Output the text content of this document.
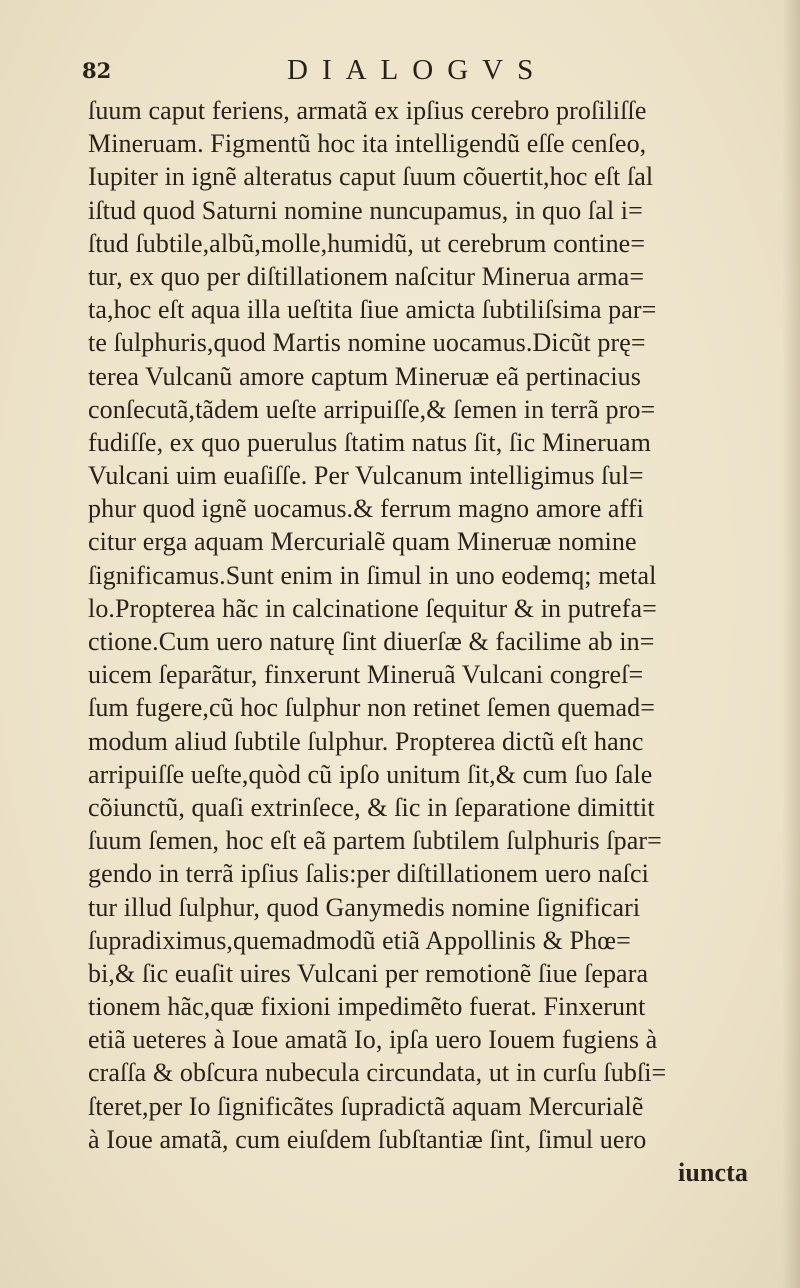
82	DIALOGVS
ſuum caput feriens, armatã ex ipſius cerebro proſiliſſe
Mineruam. Figmentũ hoc ita intelligendũ eſſe cenſeo,
Iupiter in ignẽ alteratus caput ſuum cõuertit,hoc eſt ſal
iſtud quod Saturni nomine nuncupamus, in quo ſal i=
ſtud ſubtile,albũ,molle,humidũ, ut cerebrum contine=
tur, ex quo per diſtillationem naſcitur Minerua arma=
ta,hoc eſt aqua illa ueſtita ſiue amicta ſubtiliſsima par=
te ſulphuris,quod Martis nomine uocamus.Dicũt prę=
terea Vulcanũ amore captum Mineruæ eã pertinacius
conſecutã,tãdem ueſte arripuiſſe,& ſemen in terrã pro=
fudiſſe, ex quo puerulus ſtatim natus ſit, ſic Mineruam
Vulcani uim euaſiſſe. Per Vulcanum intelligimus ſul=
phur quod ignẽ uocamus.& ferrum magno amore affi
citur erga aquam Mercurialẽ quam Mineruæ nomine
ſignificamus.Sunt enim in ſimul in uno eodemq; metal
lo.Propterea hãc in calcinatione ſequitur & in putrefa=
ctione.Cum uero naturę ſint diuerſæ & facilime ab in=
uicem ſeparãtur, finxerunt Mineruã Vulcani congreſ=
ſum fugere,cũ hoc ſulphur non retinet ſemen quemad=
modum aliud ſubtile ſulphur. Propterea dictũ eſt hanc
arripuiſſe ueſte,quòd cũ ipſo unitum ſit,& cum ſuo ſale
cõiunctũ, quaſi extrinſece, & ſic in ſeparatione dimittit
ſuum ſemen, hoc eſt eã partem ſubtilem ſulphuris ſpar=
gendo in terrã ipſius ſalis:per diſtillationem uero naſci
tur illud ſulphur, quod Ganymedis nomine ſignificari
ſupradiximus,quemadmodũ etiã Appollinis & Phœ=
bi,& ſic euaſit uires Vulcani per remotionẽ ſiue ſepara
tionem hãc,quæ fixioni impedimẽto fuerat. Finxerunt
etiã ueteres à Ioue amatã Io, ipſa uero Iouem fugiens à
craſſa & obſcura nubecula circundata, ut in curſu ſubſi=
ſteret,per Io ſignificãtes ſupradictã aquam Mercurialẽ
à Ioue amatã, cum eiuſdem ſubſtantiæ ſint, ſimul uero
iuncta
